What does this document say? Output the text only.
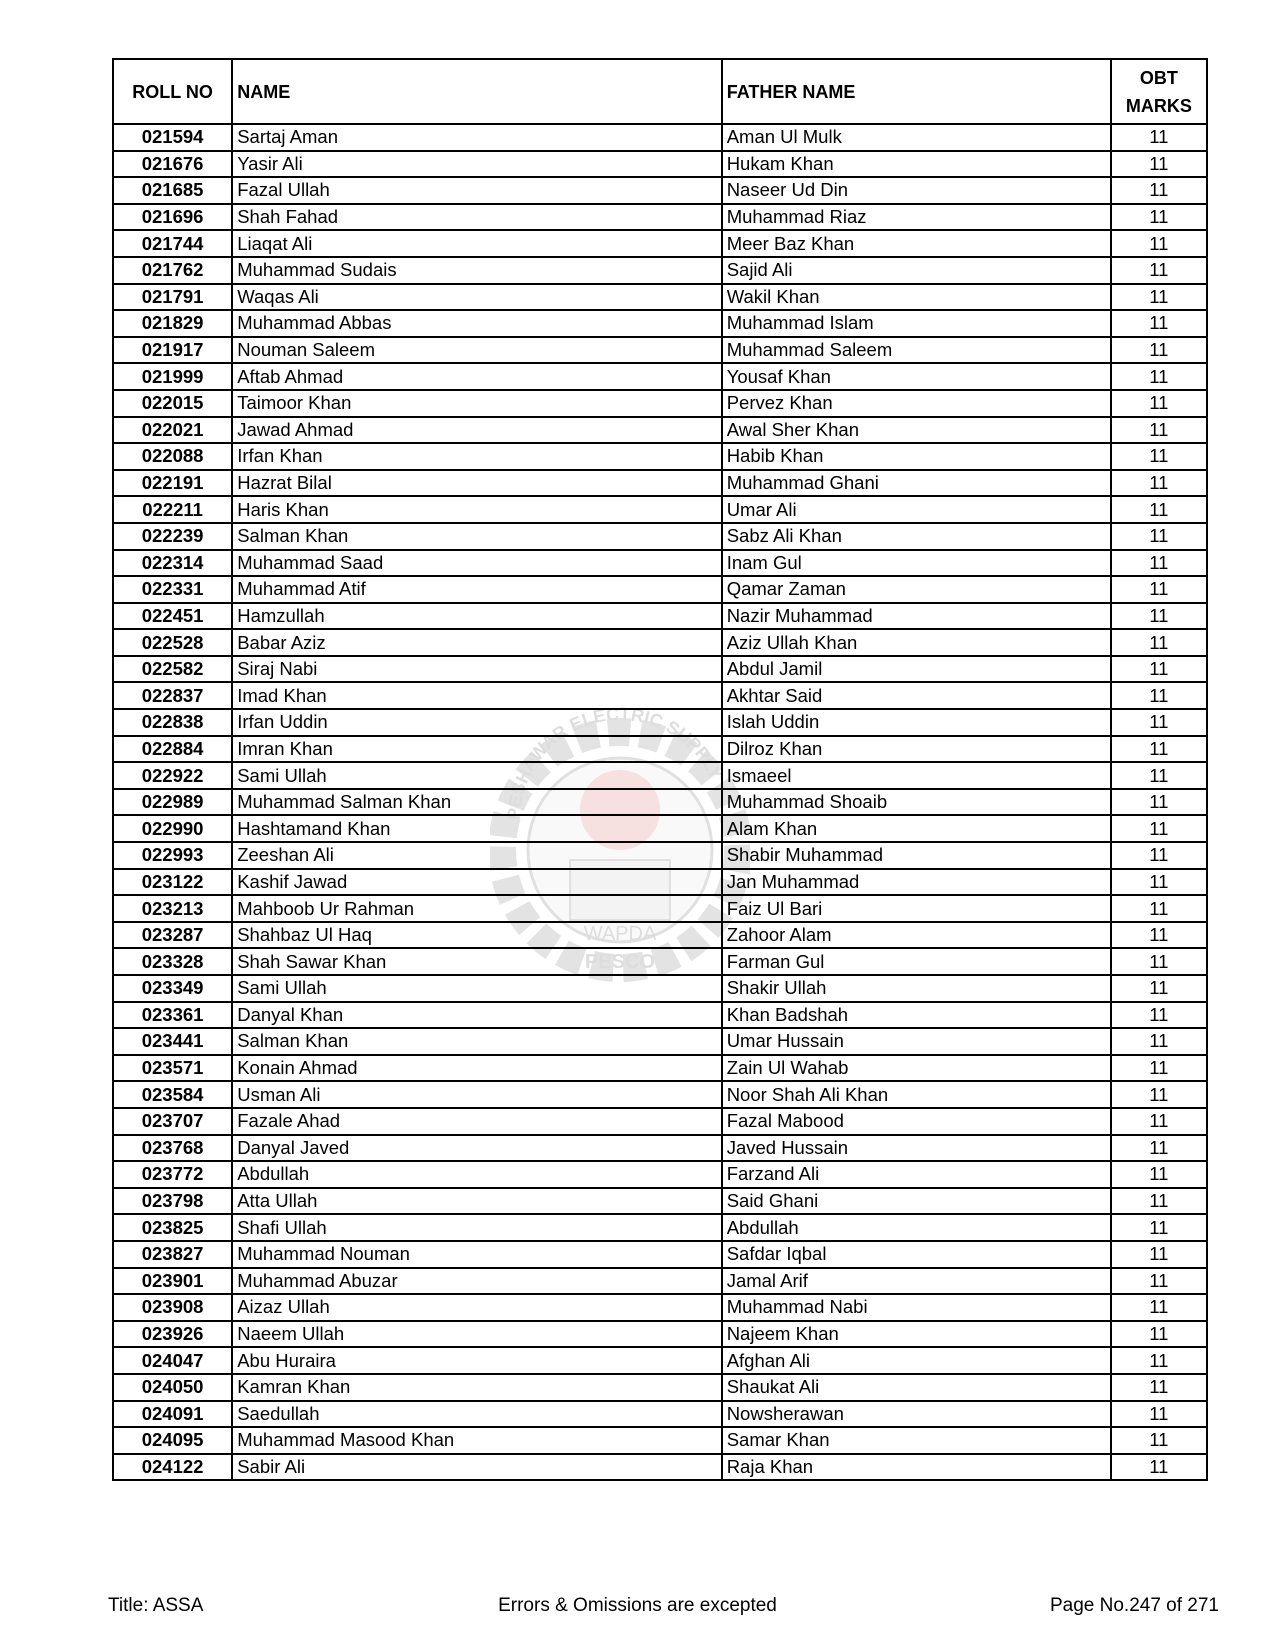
PESHAWAR ELECTRIC SUPPLY
WAPDA
PESCO
ROLL NO	NAME	FATHER NAME	OBT
MARKS
021594	Sartaj Aman	Aman Ul Mulk	11
021676	Yasir Ali	Hukam Khan	11
021685	Fazal Ullah	Naseer Ud Din	11
021696	Shah Fahad	Muhammad Riaz	11
021744	Liaqat Ali	Meer Baz Khan	11
021762	Muhammad Sudais	Sajid Ali	11
021791	Waqas Ali	Wakil Khan	11
021829	Muhammad Abbas	Muhammad Islam	11
021917	Nouman Saleem	Muhammad Saleem	11
021999	Aftab Ahmad	Yousaf Khan	11
022015	Taimoor Khan	Pervez Khan	11
022021	Jawad Ahmad	Awal Sher Khan	11
022088	Irfan Khan	Habib Khan	11
022191	Hazrat Bilal	Muhammad Ghani	11
022211	Haris Khan	Umar Ali	11
022239	Salman Khan	Sabz Ali Khan	11
022314	Muhammad Saad	Inam Gul	11
022331	Muhammad Atif	Qamar Zaman	11
022451	Hamzullah	Nazir Muhammad	11
022528	Babar Aziz	Aziz Ullah Khan	11
022582	Siraj Nabi	Abdul Jamil	11
022837	Imad Khan	Akhtar Said	11
022838	Irfan Uddin	Islah Uddin	11
022884	Imran Khan	Dilroz Khan	11
022922	Sami Ullah	Ismaeel	11
022989	Muhammad Salman Khan	Muhammad Shoaib	11
022990	Hashtamand Khan	Alam Khan	11
022993	Zeeshan Ali	Shabir Muhammad	11
023122	Kashif Jawad	Jan Muhammad	11
023213	Mahboob Ur Rahman	Faiz Ul Bari	11
023287	Shahbaz Ul Haq	Zahoor Alam	11
023328	Shah Sawar Khan	Farman Gul	11
023349	Sami Ullah	Shakir Ullah	11
023361	Danyal Khan	Khan Badshah	11
023441	Salman Khan	Umar Hussain	11
023571	Konain Ahmad	Zain Ul Wahab	11
023584	Usman Ali	Noor Shah Ali Khan	11
023707	Fazale Ahad	Fazal Mabood	11
023768	Danyal Javed	Javed Hussain	11
023772	Abdullah	Farzand Ali	11
023798	Atta Ullah	Said Ghani	11
023825	Shafi Ullah	Abdullah	11
023827	Muhammad Nouman	Safdar Iqbal	11
023901	Muhammad Abuzar	Jamal Arif	11
023908	Aizaz Ullah	Muhammad Nabi	11
023926	Naeem Ullah	Najeem Khan	11
024047	Abu Huraira	Afghan Ali	11
024050	Kamran Khan	Shaukat Ali	11
024091	Saedullah	Nowsherawan	11
024095	Muhammad Masood Khan	Samar Khan	11
024122	Sabir Ali	Raja Khan	11
Title: ASSA	Errors & Omissions are excepted	Page No.247 of 271
